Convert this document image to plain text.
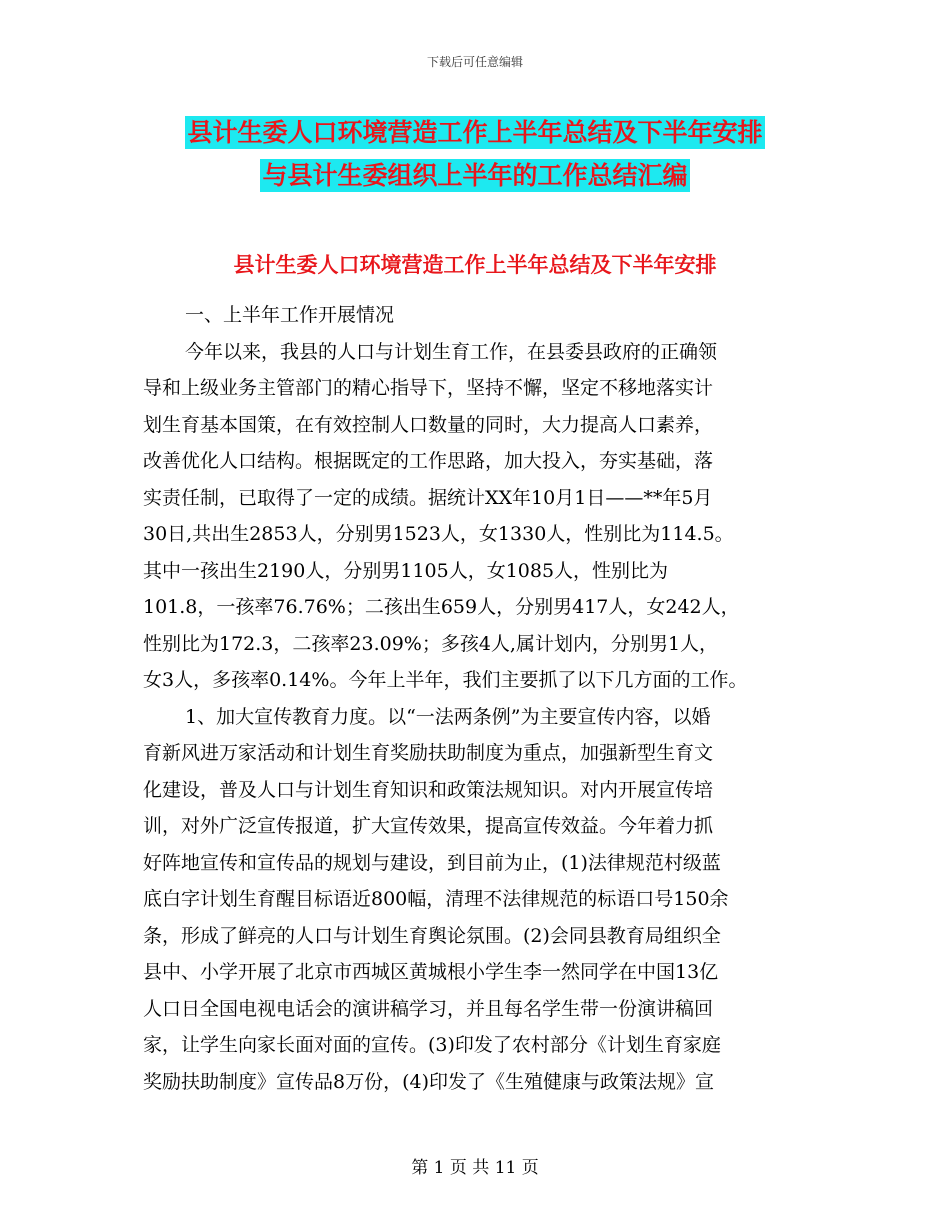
下载后可任意编辑
县计生委人口环境营造工作上半年总结及下半年安排
与县计生委组织上半年的工作总结汇编
县计生委人口环境营造工作上半年总结及下半年安排
一、上半年工作开展情况
今年以来，我县的人口与计划生育工作，在县委县政府的正确领
导和上级业务主管部门的精心指导下，坚持不懈，坚定不移地落实计
划生育基本国策，在有效控制人口数量的同时，大力提高人口素养，
改善优化人口结构。根据既定的工作思路，加大投入，夯实基础，落
实责任制，已取得了一定的成绩。据统计XX年10月1日——**年5月
30日,共出生2853人，分别男1523人，女1330人，性别比为114.5。
其中一孩出生2190人，分别男1105人，女1085人，性别比为
101.8，一孩率76.76%；二孩出生659人，分别男417人，女242人，
性别比为172.3，二孩率23.09%；多孩4人,属计划内，分别男1人，
女3人，多孩率0.14%。今年上半年，我们主要抓了以下几方面的工作。
1、加大宣传教育力度。以“一法两条例”为主要宣传内容，以婚
育新风进万家活动和计划生育奖励扶助制度为重点，加强新型生育文
化建设，普及人口与计划生育知识和政策法规知识。对内开展宣传培
训，对外广泛宣传报道，扩大宣传效果，提高宣传效益。今年着力抓
好阵地宣传和宣传品的规划与建设，到目前为止，(1)法律规范村级蓝
底白字计划生育醒目标语近800幅，清理不法律规范的标语口号150余
条，形成了鲜亮的人口与计划生育舆论氛围。(2)会同县教育局组织全
县中、小学开展了北京市西城区黄城根小学生李一然同学在中国13亿
人口日全国电视电话会的演讲稿学习，并且每名学生带一份演讲稿回
家，让学生向家长面对面的宣传。(3)印发了农村部分《计划生育家庭
奖励扶助制度》宣传品8万份，(4)印发了《生殖健康与政策法规》宣
第 1 页 共 11 页
